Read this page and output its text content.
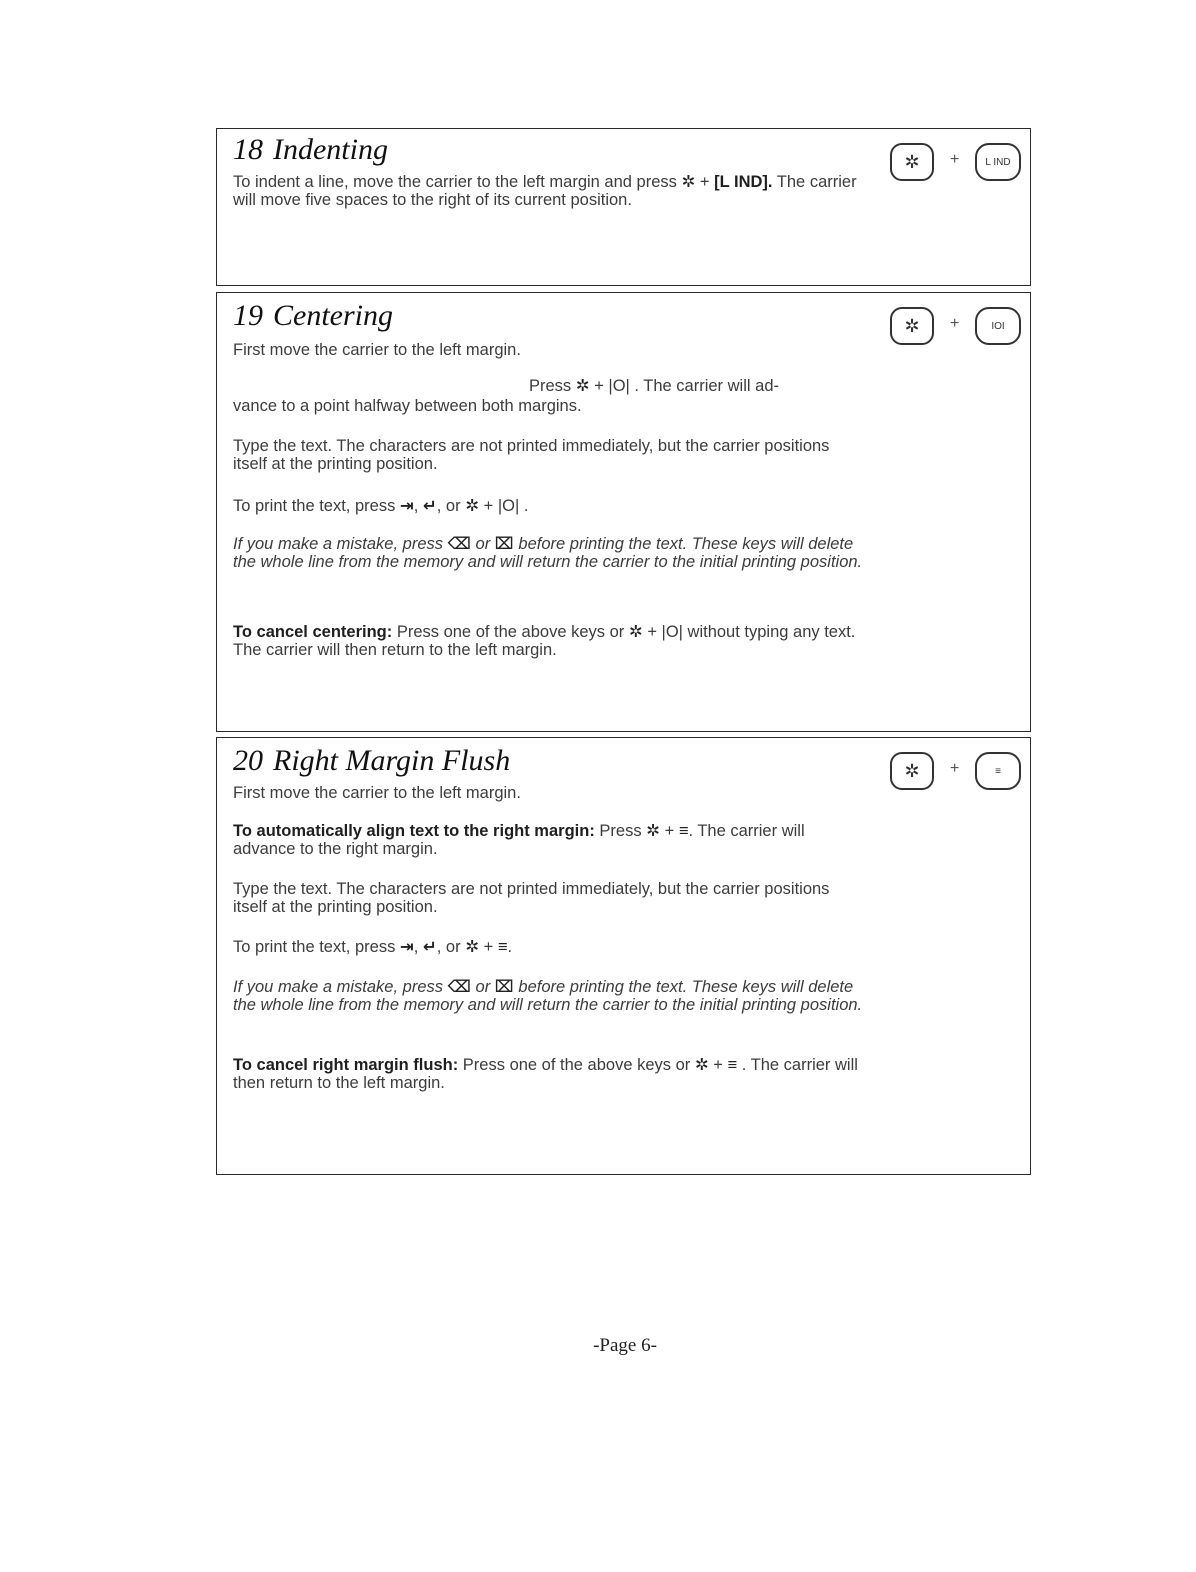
18 Indenting	✲ +	L IND

To indent a line, move the carrier to the left margin and press ✲ + [L IND]. The carrier will move five spaces to the right of its current position.

19 Centering	✲ +	IOI

First move the carrier to the left margin.

Press ✲ + |O| . The carrier will ad-

vance to a point halfway between both margins.

Type the text. The characters are not printed immediately, but the carrier positions itself at the printing position.

To print the text, press ⇥, ↵, or ✲ + |O| .

If you make a mistake, press ⌫ or ⌧ before printing the text. These keys will delete the whole line from the memory and will return the carrier to the initial printing position.

To cancel centering: Press one of the above keys or ✲ + |O| without typing any text. The carrier will then return to the left margin.

20 Right Margin Flush	✲ +	≡

First move the carrier to the left margin.

To automatically align text to the right margin: Press ✲ + ≡. The carrier will advance to the right margin.

Type the text. The characters are not printed immediately, but the carrier positions itself at the printing position.

To print the text, press ⇥, ↵, or ✲ + ≡.

If you make a mistake, press ⌫ or ⌧ before printing the text. These keys will delete the whole line from the memory and will return the carrier to the initial printing position.

To cancel right margin flush: Press one of the above keys or ✲ + ≡ . The carrier will then return to the left margin.

-Page 6-
